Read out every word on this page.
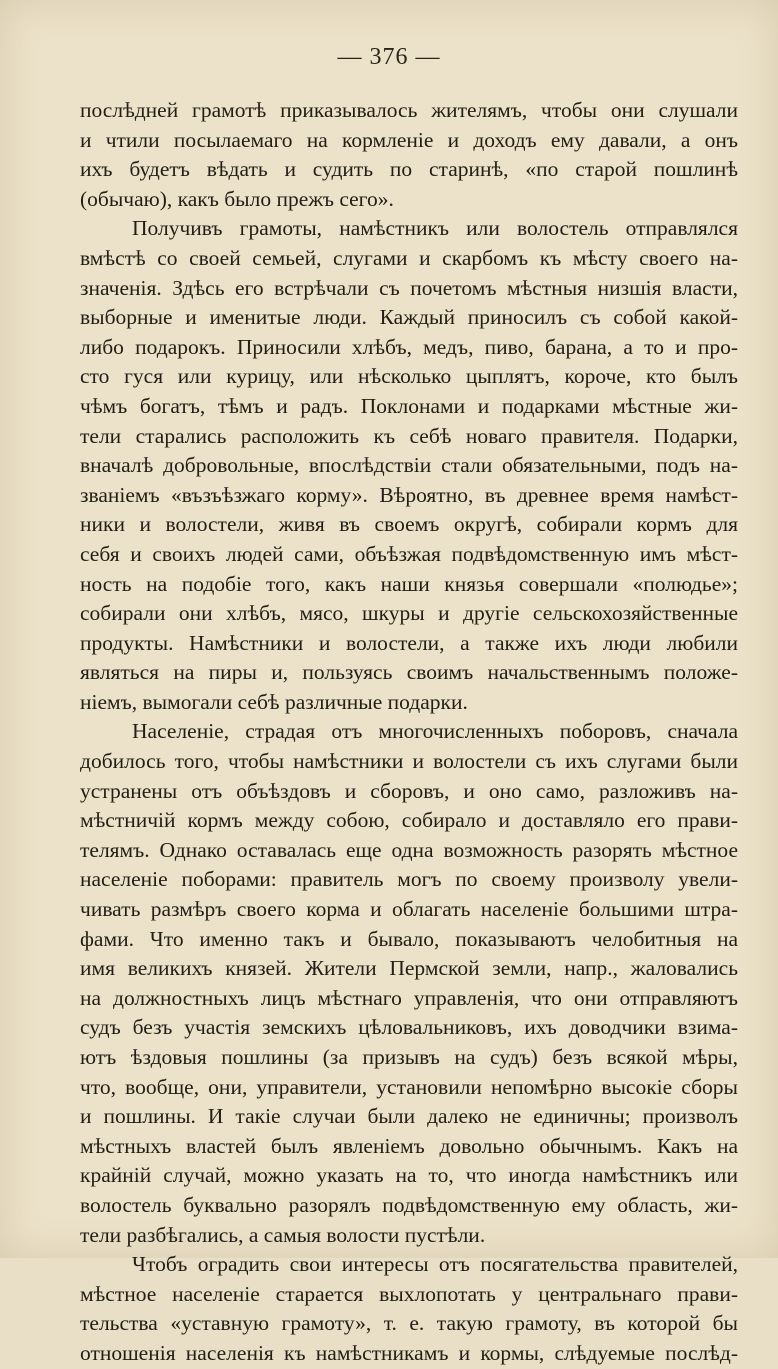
— 376 —
послѣдней грамотѣ приказывалось жителямъ, чтобы они слушали
и чтили посылаемаго на кормленіе и доходъ ему давали, а онъ
ихъ будетъ вѣдать и судить по старинѣ, «по старой пошлинѣ
(обычаю), какъ было прежъ сего».
Получивъ грамоты, намѣстникъ или волостель отправлялся
вмѣстѣ со своей семьей, слугами и скарбомъ къ мѣсту своего на-
значенія. Здѣсь его встрѣчали съ почетомъ мѣстныя низшія власти,
выборные и именитые люди. Каждый приносилъ съ собой какой-
либо подарокъ. Приносили хлѣбъ, медъ, пиво, барана, а то и про-
сто гуся или курицу, или нѣсколько цыплятъ, короче, кто былъ
чѣмъ богатъ, тѣмъ и радъ. Поклонами и подарками мѣстные жи-
тели старались расположить къ себѣ новаго правителя. Подарки,
вначалѣ добровольные, впослѣдствіи стали обязательными, подъ на-
званіемъ «възъѣзжаго корму». Вѣроятно, въ древнее время намѣст-
ники и волостели, живя въ своемъ округѣ, собирали кормъ для
себя и своихъ людей сами, объѣзжая подвѣдомственную имъ мѣст-
ность на подобіе того, какъ наши князья совершали «полюдье»;
собирали они хлѣбъ, мясо, шкуры и другіе сельскохозяйственные
продукты. Намѣстники и волостели, а также ихъ люди любили
являться на пиры и, пользуясь своимъ начальственнымъ положе-
ніемъ, вымогали себѣ различные подарки.
Населеніе, страдая отъ многочисленныхъ поборовъ, сначала
добилось того, чтобы намѣстники и волостели съ ихъ слугами были
устранены отъ объѣздовъ и сборовъ, и оно само, разложивъ на-
мѣстничій кормъ между собою, собирало и доставляло его прави-
телямъ. Однако оставалась еще одна возможность разорять мѣстное
населеніе поборами: правитель могъ по своему произволу увели-
чивать размѣръ своего корма и облагать населеніе большими штра-
фами. Что именно такъ и бывало, показываютъ челобитныя на
имя великихъ князей. Жители Пермской земли, напр., жаловались
на должностныхъ лицъ мѣстнаго управленія, что они отправляютъ
судъ безъ участія земскихъ цѣловальниковъ, ихъ доводчики взима-
ютъ ѣздовыя пошлины (за призывъ на судъ) безъ всякой мѣры,
что, вообще, они, управители, установили непомѣрно высокіе сборы
и пошлины. И такіе случаи были далеко не единичны; произволъ
мѣстныхъ властей былъ явленіемъ довольно обычнымъ. Какъ на
крайній случай, можно указать на то, что иногда намѣстникъ или
волостель буквально разорялъ подвѣдомственную ему область, жи-
тели разбѣгались, а самыя волости пустѣли.
Чтобъ оградить свои интересы отъ посягательства правителей,
мѣстное населеніе старается выхлопотать у центральнаго прави-
тельства «уставную грамоту», т. е. такую грамоту, въ которой бы
отношенія населенія къ намѣстникамъ и кормы, слѣдуемые послѣд-
